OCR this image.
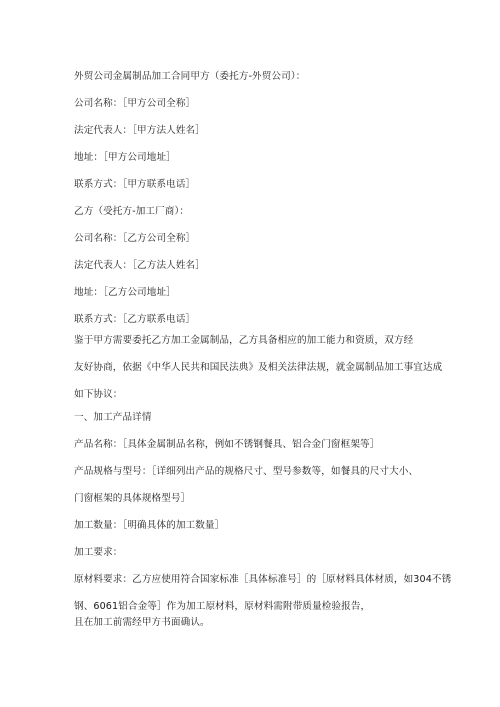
外贸公司金属制品加工合同甲方（委托方-外贸公司）：

公司名称：［甲方公司全称］

法定代表人：［甲方法人姓名］

地址：［甲方公司地址］

联系方式：［甲方联系电话］

乙方（受托方-加工厂商）：

公司名称：［乙方公司全称］

法定代表人：［乙方法人姓名］

地址：［乙方公司地址］

联系方式：［乙方联系电话］

鉴于甲方需要委托乙方加工金属制品，乙方具备相应的加工能力和资质，双方经

友好协商，依据《中华人民共和国民法典》及相关法律法规，就金属制品加工事宜达成

如下协议：

一、加工产品详情

产品名称：［具体金属制品名称，例如不锈钢餐具、铝合金门窗框架等］

产品规格与型号：［详细列出产品的规格尺寸、型号参数等，如餐具的尺寸大小、

门窗框架的具体规格型号］

加工数量：［明确具体的加工数量］

加工要求：

原材料要求：乙方应使用符合国家标准［具体标准号］的［原材料具体材质，如304不锈

钢、6061铝合金等］作为加工原材料，原材料需附带质量检验报告，

且在加工前需经甲方书面确认。
